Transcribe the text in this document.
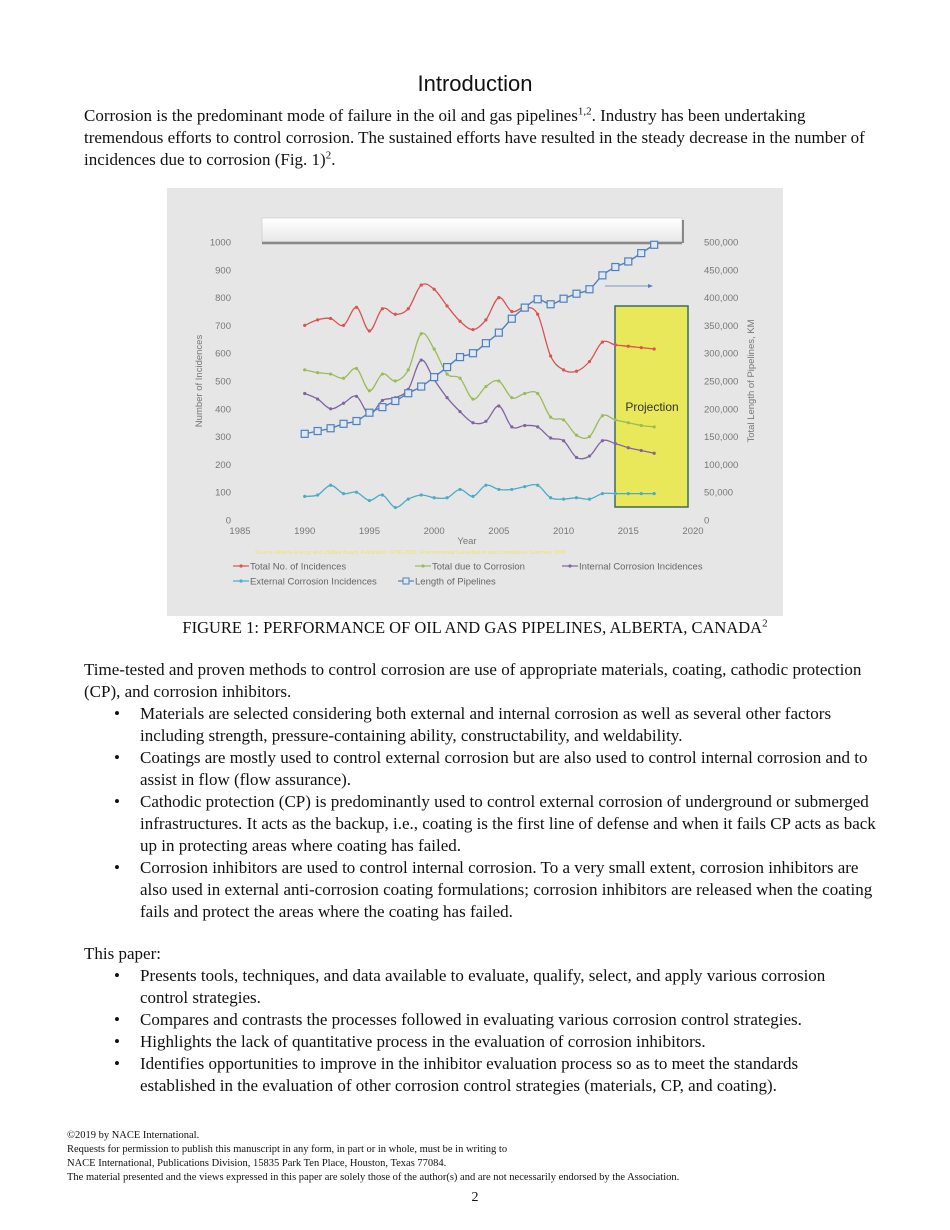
Introduction

Corrosion is the predominant mode of failure in the oil and gas pipelines$^{1,2}$. Industry has been undertaking tremendous efforts to control corrosion. The sustained efforts have resulted in the steady decrease in the number of incidences due to corrosion (Fig. 1)$^2$.

Projection
Number of Incidences	Total Length of Pipelines, KM
Year
Source: Alberta Energy and Utilities Board, Publication ST90-2003; Environmental Surveillance and Compliance Summary 2009
0
100
200
300
400
500
600
700
800
900
1000
0
50,000
100,000
150,000
200,000
250,000
300,000
350,000
400,000
450,000
500,000
1985	1990	1995	2000	2005	2010	2015	2020
Total No. of Incidences	Total due to Corrosion	Internal Corrosion Incidences
External Corrosion Incidences	Length of Pipelines
FIGURE 1: PERFORMANCE OF OIL AND GAS PIPELINES, ALBERTA, CANADA$^2$

Time-tested and proven methods to control corrosion are use of appropriate materials, coating, cathodic protection (CP), and corrosion inhibitors.

• Materials are selected considering both external and internal corrosion as well as several other factors including strength, pressure-containing ability, constructability, and weldability.
• Coatings are mostly used to control external corrosion but are also used to control internal corrosion and to assist in flow (flow assurance).
• Cathodic protection (CP) is predominantly used to control external corrosion of underground or submerged infrastructures. It acts as the backup, i.e., coating is the first line of defense and when it fails CP acts as back up in protecting areas where coating has failed.
• Corrosion inhibitors are used to control internal corrosion. To a very small extent, corrosion inhibitors are also used in external anti-corrosion coating formulations; corrosion inhibitors are released when the coating fails and protect the areas where the coating has failed.

This paper:

• Presents tools, techniques, and data available to evaluate, qualify, select, and apply various corrosion control strategies.
• Compares and contrasts the processes followed in evaluating various corrosion control strategies.
• Highlights the lack of quantitative process in the evaluation of corrosion inhibitors.
• Identifies opportunities to improve in the inhibitor evaluation process so as to meet the standards established in the evaluation of other corrosion control strategies (materials, CP, and coating).
©2019 by NACE International.
Requests for permission to publish this manuscript in any form, in part or in whole, must be in writing to
NACE International, Publications Division, 15835 Park Ten Place, Houston, Texas 77084.
The material presented and the views expressed in this paper are solely those of the author(s) and are not necessarily endorsed by the Association.
2
